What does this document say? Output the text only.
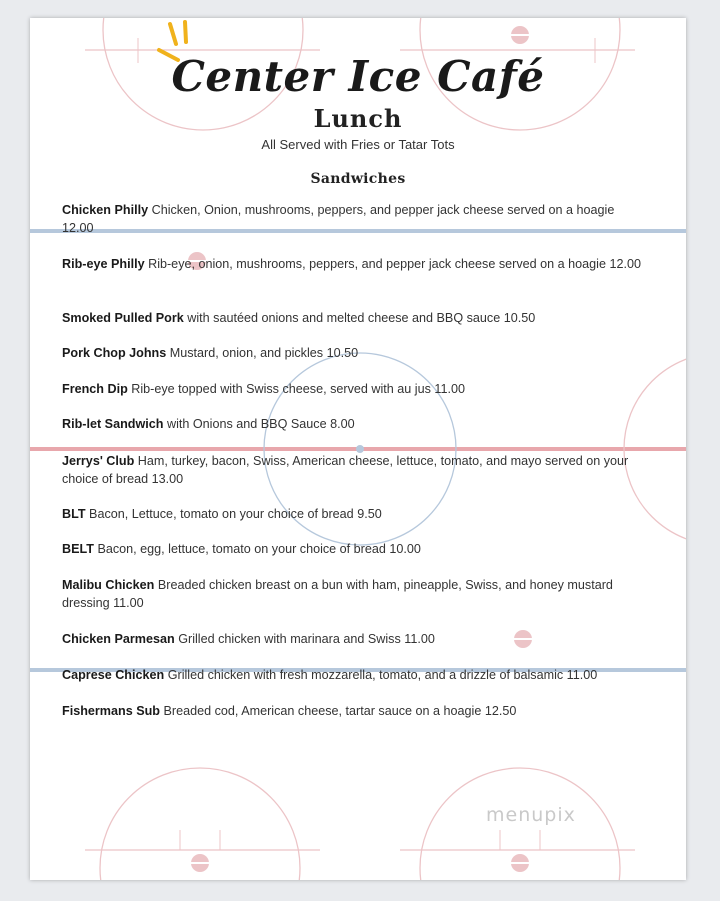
Center Ice Café
Lunch
All Served with Fries or Tatar Tots
Sandwiches
Chicken Philly Chicken, Onion, mushrooms, peppers, and pepper jack cheese served on a hoagie 12.00
Rib-eye Philly Rib-eye, onion, mushrooms, peppers, and pepper jack cheese served on a hoagie 12.00
Smoked Pulled Pork with sautéed onions and melted cheese and BBQ sauce 10.50
Pork Chop Johns Mustard, onion, and pickles 10.50
French Dip Rib-eye topped with Swiss cheese, served with au jus 11.00
Rib-let Sandwich with Onions and BBQ Sauce 8.00
Jerrys' Club Ham, turkey, bacon, Swiss, American cheese, lettuce, tomato, and mayo served on your choice of bread 13.00
BLT Bacon, Lettuce, tomato on your choice of bread 9.50
BELT Bacon, egg, lettuce, tomato on your choice of bread 10.00
Malibu Chicken Breaded chicken breast on a bun with ham, pineapple, Swiss, and honey mustard dressing 11.00
Chicken Parmesan Grilled chicken with marinara and Swiss 11.00
Caprese Chicken Grilled chicken with fresh mozzarella, tomato, and a drizzle of balsamic 11.00
Fishermans Sub Breaded cod, American cheese, tartar sauce on a hoagie 12.50
menupix
